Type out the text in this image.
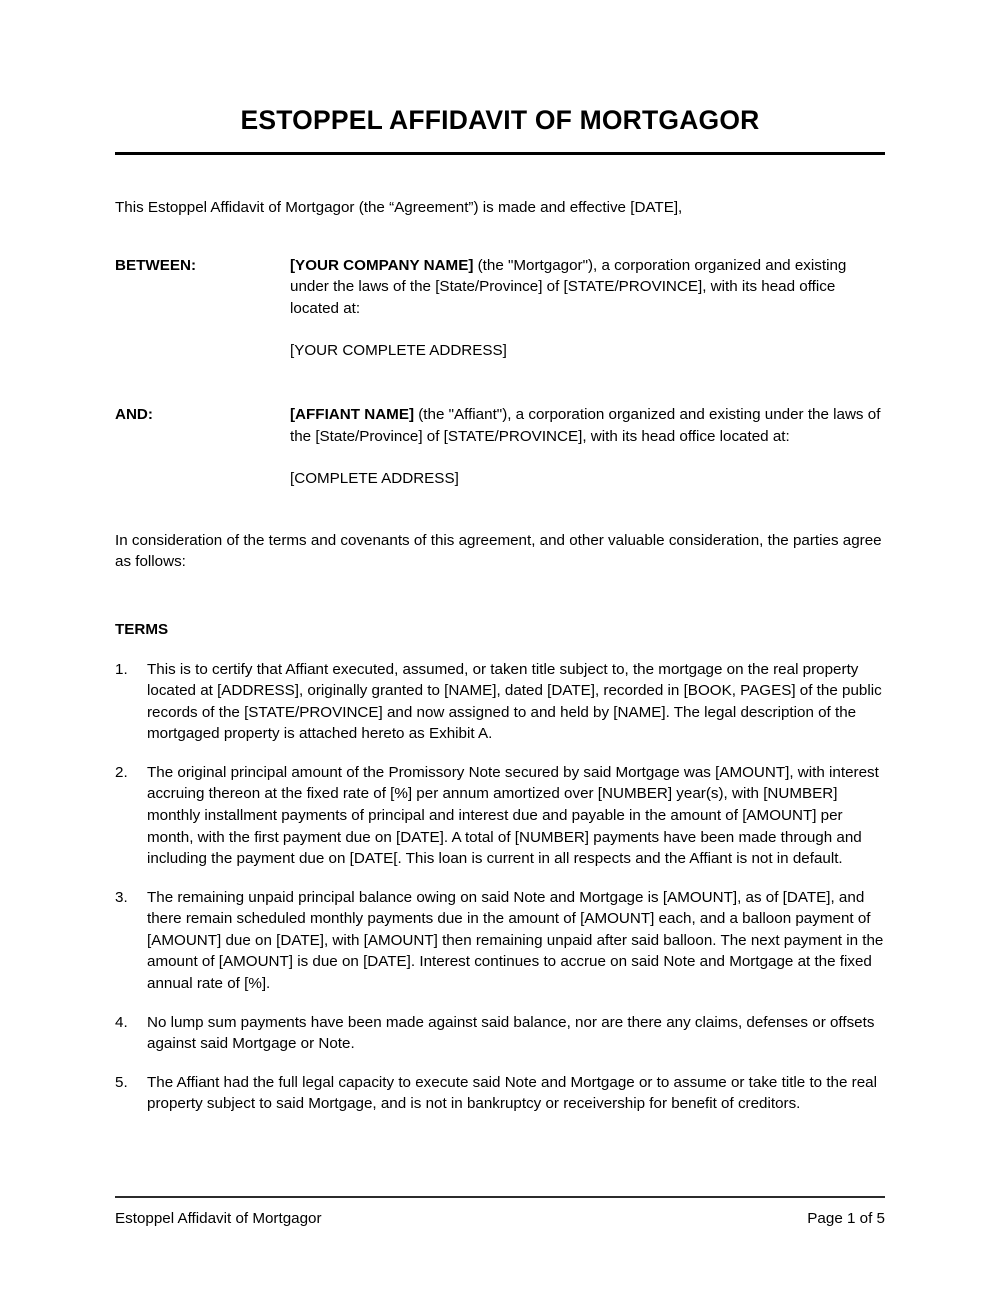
ESTOPPEL AFFIDAVIT OF MORTGAGOR

This Estoppel Affidavit of Mortgagor (the “Agreement”) is made and effective [DATE],

BETWEEN:	[YOUR COMPANY NAME] (the "Mortgagor"), a corporation organized and existing under the laws of the [State/Province] of [STATE/PROVINCE], with its head office located at:
[YOUR COMPLETE ADDRESS]
AND:	[AFFIANT NAME] (the "Affiant"), a corporation organized and existing under the laws of the [State/Province] of [STATE/PROVINCE], with its head office located at:
[COMPLETE ADDRESS]

In consideration of the terms and covenants of this agreement, and other valuable consideration, the parties agree as follows:

TERMS
1.	This is to certify that Affiant executed, assumed, or taken title subject to, the mortgage on the real property located at [ADDRESS], originally granted to [NAME], dated [DATE], recorded in [BOOK, PAGES] of the public records of the [STATE/PROVINCE] and now assigned to and held by [NAME]. The legal description of the mortgaged property is attached hereto as Exhibit A.
2.	The original principal amount of the Promissory Note secured by said Mortgage was [AMOUNT], with interest accruing thereon at the fixed rate of [%] per annum amortized over [NUMBER] year(s), with [NUMBER] monthly installment payments of principal and interest due and payable in the amount of [AMOUNT] per month, with the first payment due on [DATE]. A total of [NUMBER] payments have been made through and including the payment due on [DATE[. This loan is current in all respects and the Affiant is not in default.
3.	The remaining unpaid principal balance owing on said Note and Mortgage is [AMOUNT], as of [DATE], and there remain scheduled monthly payments due in the amount of [AMOUNT] each, and a balloon payment of [AMOUNT] due on [DATE], with [AMOUNT] then remaining unpaid after said balloon. The next payment in the amount of [AMOUNT] is due on [DATE]. Interest continues to accrue on said Note and Mortgage at the fixed annual rate of [%].
4.	No lump sum payments have been made against said balance, nor are there any claims, defenses or offsets against said Mortgage or Note.
5.	The Affiant had the full legal capacity to execute said Note and Mortgage or to assume or take title to the real property subject to said Mortgage, and is not in bankruptcy or receivership for benefit of creditors.
Estoppel Affidavit of Mortgagor	Page 1 of 5
